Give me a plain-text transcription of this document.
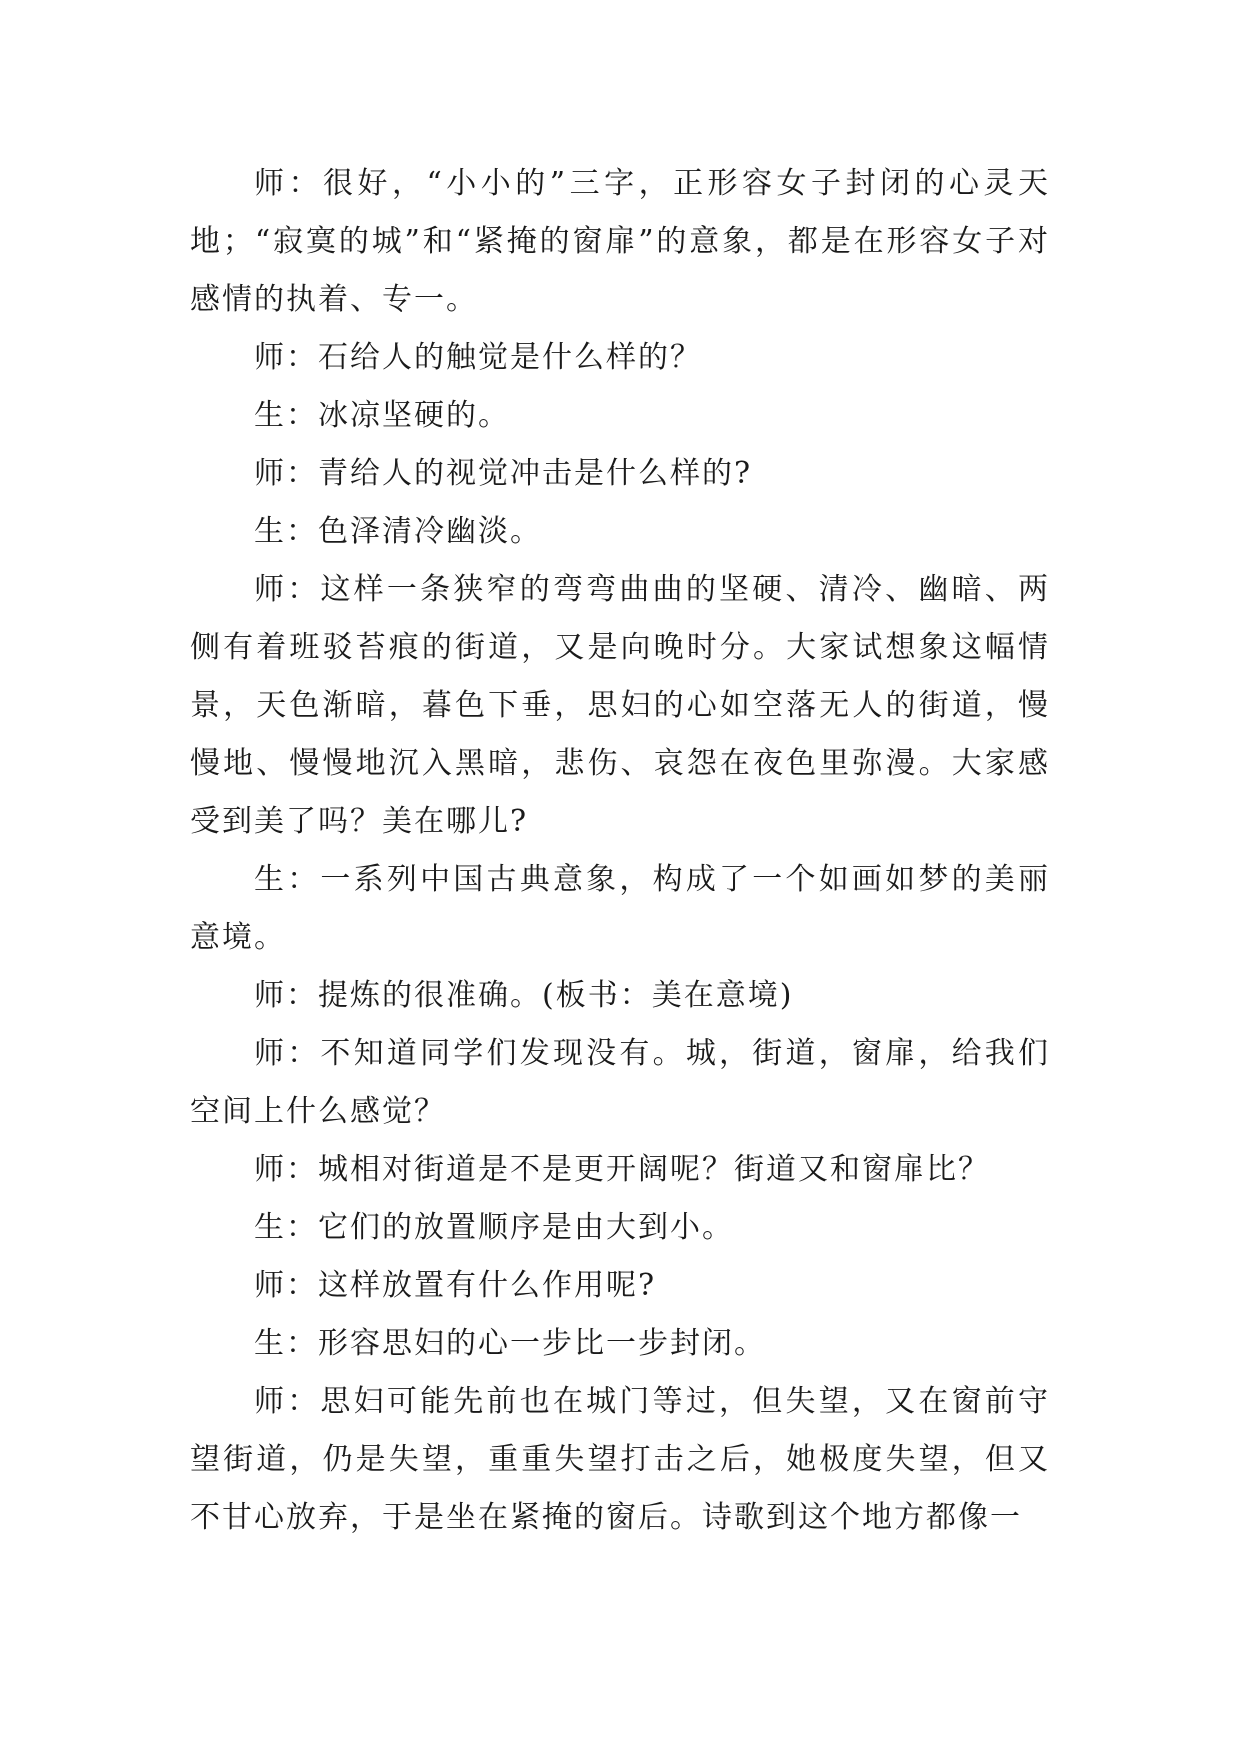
师：很好，“小小的”三字，正形容女子封闭的心灵天地；“寂寞的城”和“紧掩的窗扉”的意象，都是在形容女子对感情的执着、专一。

师：石给人的触觉是什么样的？

生：冰凉坚硬的。

师：青给人的视觉冲击是什么样的?

生：色泽清冷幽淡。

师：这样一条狭窄的弯弯曲曲的坚硬、清冷、幽暗、两侧有着班驳苔痕的街道，又是向晚时分。大家试想象这幅情景，天色渐暗，暮色下垂，思妇的心如空落无人的街道，慢慢地、慢慢地沉入黑暗，悲伤、哀怨在夜色里弥漫。大家感受到美了吗？美在哪儿?

生：一系列中国古典意象，构成了一个如画如梦的美丽意境。

师：提炼的很准确。(板书：美在意境)

师：不知道同学们发现没有。城，街道，窗扉，给我们空间上什么感觉？

师：城相对街道是不是更开阔呢？街道又和窗扉比？

生：它们的放置顺序是由大到小。

师：这样放置有什么作用呢?

生：形容思妇的心一步比一步封闭。

师：思妇可能先前也在城门等过，但失望，又在窗前守望街道，仍是失望，重重失望打击之后，她极度失望，但又不甘心放弃，于是坐在紧掩的窗后。诗歌到这个地方都像一
